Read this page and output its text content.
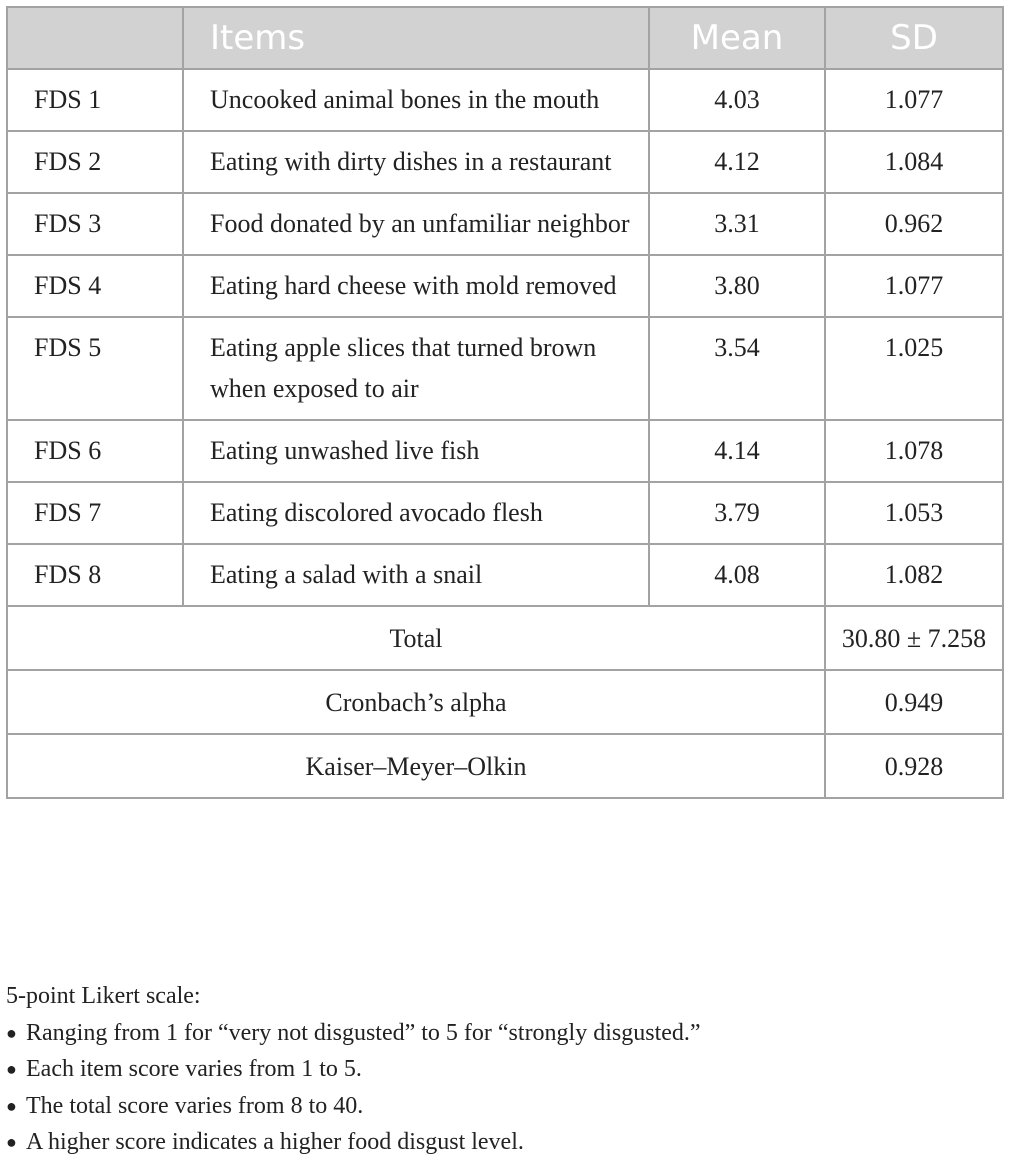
	Items	Mean	SD
FDS 1	Uncooked animal bones in the mouth	4.03	1.077
FDS 2	Eating with dirty dishes in a restaurant	4.12	1.084
FDS 3	Food donated by an unfamiliar neighbor	3.31	0.962
FDS 4	Eating hard cheese with mold removed	3.80	1.077
FDS 5	Eating apple slices that turned brown when exposed to air	3.54	1.025
FDS 6	Eating unwashed live fish	4.14	1.078
FDS 7	Eating discolored avocado flesh	3.79	1.053
FDS 8	Eating a salad with a snail	4.08	1.082
Total			30.80 ± 7.258
Cronbach’s alpha			0.949
Kaiser–Meyer–Olkin			0.928
5-point Likert scale:
● Ranging from 1 for “very not disgusted” to 5 for “strongly disgusted.”
● Each item score varies from 1 to 5.
● The total score varies from 8 to 40.
● A higher score indicates a higher food disgust level.
